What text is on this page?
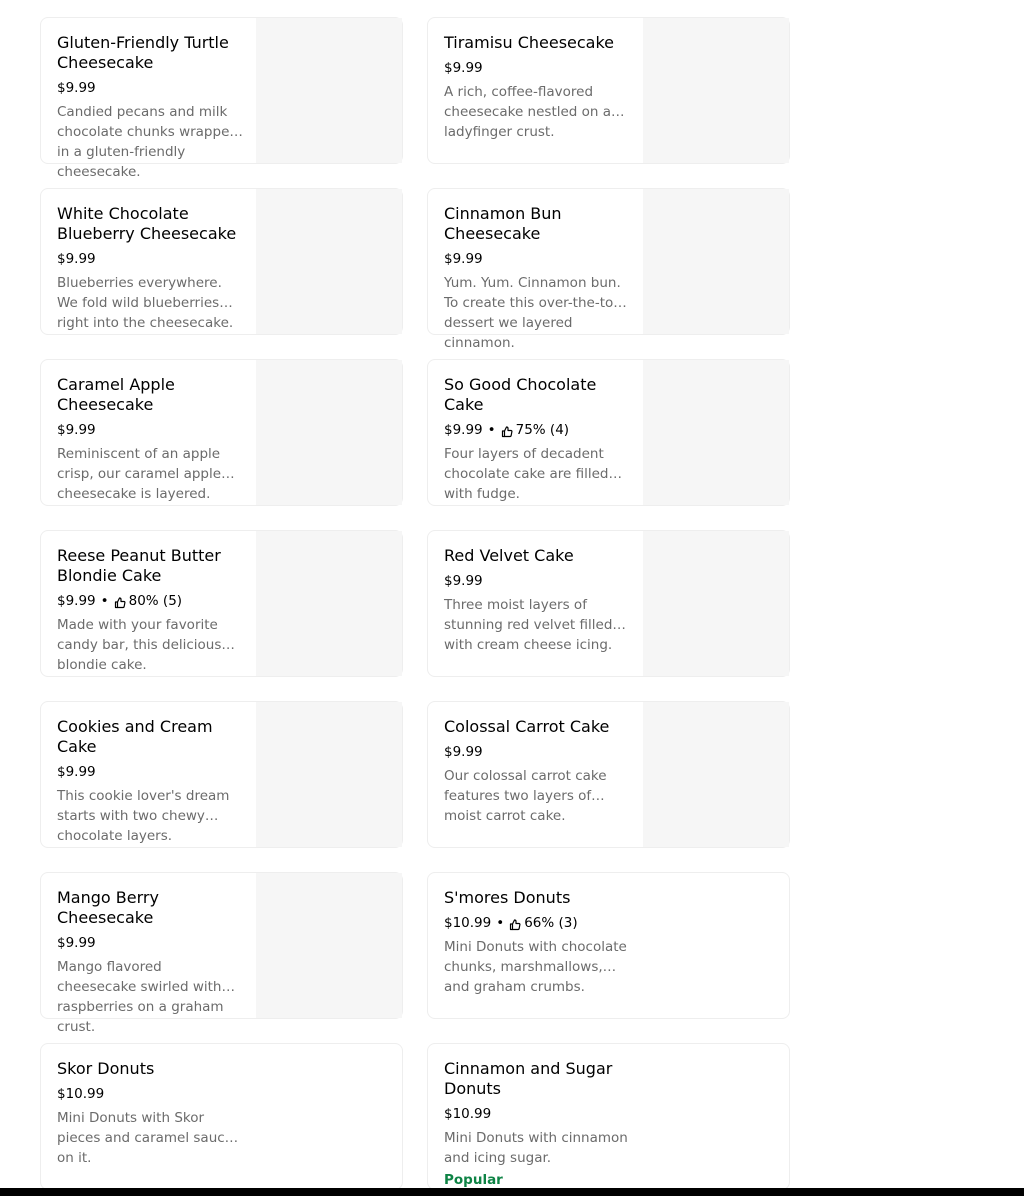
Gluten-Friendly Turtle Cheesecake
$9.99
Candied pecans and milk chocolate chunks wrapped in a gluten-friendly cheesecake.
Tiramisu Cheesecake
$9.99
A rich, coffee-flavored cheesecake nestled on a ladyfinger crust.
White Chocolate Blueberry Cheesecake
$9.99
Blueberries everywhere. We fold wild blueberries right into the cheesecake.
Cinnamon Bun Cheesecake
$9.99
Yum. Yum. Cinnamon bun. To create this over-the-top dessert we layered cinnamon.
Caramel Apple Cheesecake
$9.99
Reminiscent of an apple crisp, our caramel apple cheesecake is layered.
So Good Chocolate Cake
$9.99 • 75% (4)
Four layers of decadent chocolate cake are filled with fudge.
Reese Peanut Butter Blondie Cake
$9.99 • 80% (5)
Made with your favorite candy bar, this delicious blondie cake.
Red Velvet Cake
$9.99
Three moist layers of stunning red velvet filled with cream cheese icing.
Cookies and Cream Cake
$9.99
This cookie lover's dream starts with two chewy chocolate layers.
Colossal Carrot Cake
$9.99
Our colossal carrot cake features two layers of moist carrot cake.
Mango Berry Cheesecake
$9.99
Mango flavored cheesecake swirled with raspberries on a graham crust.
S'mores Donuts
$10.99 • 66% (3)
Mini Donuts with chocolate chunks, marshmallows, and graham crumbs.
Skor Donuts
$10.99
Mini Donuts with Skor pieces and caramel sauce on it.
Cinnamon and Sugar Donuts
$10.99
Mini Donuts with cinnamon and icing sugar.
Popular
